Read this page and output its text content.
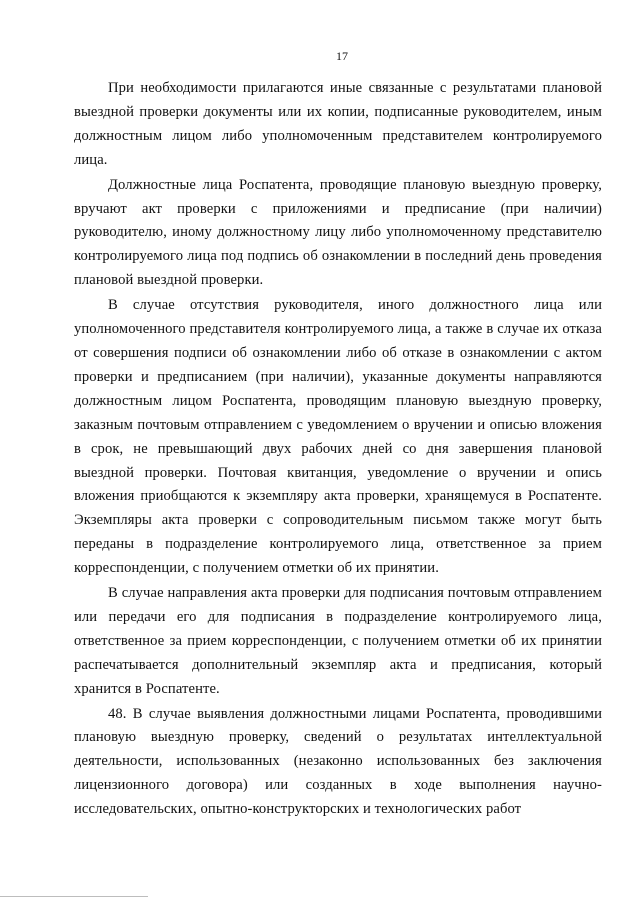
17

При необходимости прилагаются иные связанные с результатами плановой выездной проверки документы или их копии, подписанные руководителем, иным должностным лицом либо уполномоченным представителем контролируемого лица.

Должностные лица Роспатента, проводящие плановую выездную проверку, вручают акт проверки с приложениями и предписание (при наличии) руководителю, иному должностному лицу либо уполномоченному представителю контролируемого лица под подпись об ознакомлении в последний день проведения плановой выездной проверки.

В случае отсутствия руководителя, иного должностного лица или уполномоченного представителя контролируемого лица, а также в случае их отказа от совершения подписи об ознакомлении либо об отказе в ознакомлении с актом проверки и предписанием (при наличии), указанные документы направляются должностным лицом Роспатента, проводящим плановую выездную проверку, заказным почтовым отправлением с уведомлением о вручении и описью вложения в срок, не превышающий двух рабочих дней со дня завершения плановой выездной проверки. Почтовая квитанция, уведомление о вручении и опись вложения приобщаются к экземпляру акта проверки, хранящемуся в Роспатенте. Экземпляры акта проверки с сопроводительным письмом также могут быть переданы в подразделение контролируемого лица, ответственное за прием корреспонденции, с получением отметки об их принятии.

В случае направления акта проверки для подписания почтовым отправлением или передачи его для подписания в подразделение контролируемого лица, ответственное за прием корреспонденции, с получением отметки об их принятии распечатывается дополнительный экземпляр акта и предписания, который хранится в Роспатенте.

48. В случае выявления должностными лицами Роспатента, проводившими плановую выездную проверку, сведений о результатах интеллектуальной деятельности, использованных (незаконно использованных без заключения лицензионного договора) или созданных в ходе выполнения научно-исследовательских, опытно-конструкторских и технологических работ
